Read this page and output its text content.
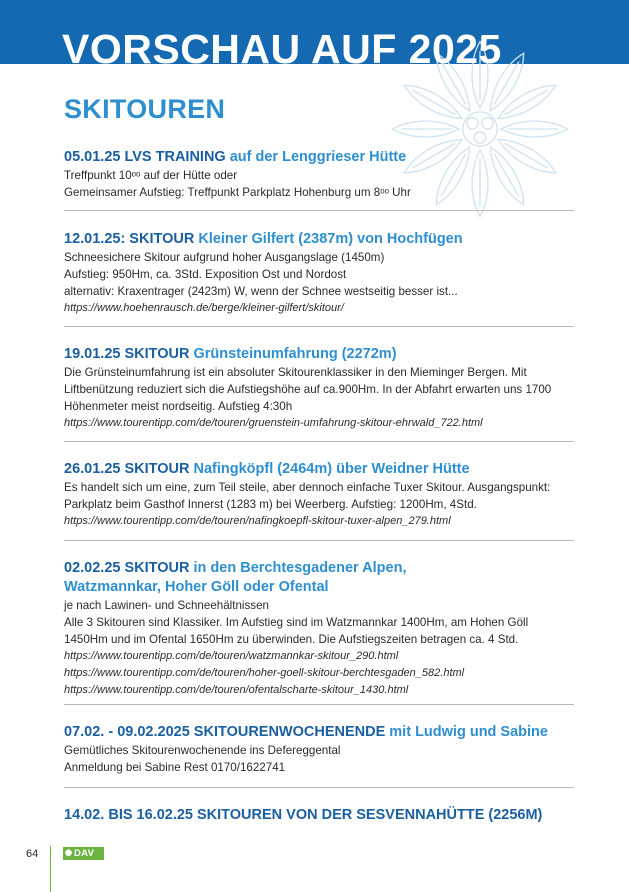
VORSCHAU AUF 2025
SKITOUREN
05.01.25 LVS TRAINING auf der Lenggrieser Hütte
Treffpunkt 10ᵒᵒ auf der Hütte oder
Gemeinsamer Aufstieg: Treffpunkt Parkplatz Hohenburg um 8ᵒᵒ Uhr
12.01.25: SKITOUR Kleiner Gilfert (2387m) von Hochfügen
Schneesichere Skitour aufgrund hoher Ausgangslage (1450m)
Aufstieg: 950Hm, ca. 3Std. Exposition Ost und Nordost
alternativ: Kraxentrager (2423m) W, wenn der Schnee westseitig besser ist...
https://www.hoehenrausch.de/berge/kleiner-gilfert/skitour/
19.01.25 SKITOUR Grünsteinumfahrung (2272m)
Die Grünsteinumfahrung ist ein absoluter Skitourenklassiker in den Mieminger Bergen. Mit
Liftbenützung reduziert sich die Aufstiegshöhe auf ca.900Hm. In der Abfahrt erwarten uns 1700
Höhenmeter meist nordseitig. Aufstieg 4:30h
https://www.tourentipp.com/de/touren/gruenstein-umfahrung-skitour-ehrwald_722.html
26.01.25 SKITOUR Nafingköpfl (2464m) über Weidner Hütte
Es handelt sich um eine, zum Teil steile, aber dennoch einfache Tuxer Skitour. Ausgangspunkt:
Parkplatz beim Gasthof Innerst (1283 m) bei Weerberg. Aufstieg: 1200Hm, 4Std.
https://www.tourentipp.com/de/touren/nafingkoepfl-skitour-tuxer-alpen_279.html
02.02.25 SKITOUR in den Berchtesgadener Alpen,
Watzmannkar, Hoher Göll oder Ofental
je nach Lawinen- und Schneehältnissen
Alle 3 Skitouren sind Klassiker. Im Aufstieg sind im Watzmannkar 1400Hm, am Hohen Göll
1450Hm und im Ofental 1650Hm zu überwinden. Die Aufstiegszeiten betragen ca. 4 Std.
https://www.tourentipp.com/de/touren/watzmannkar-skitour_290.html
https://www.tourentipp.com/de/touren/hoher-goell-skitour-berchtesgaden_582.html
https://www.tourentipp.com/de/touren/ofentalscharte-skitour_1430.html
07.02. - 09.02.2025 SKITOURENWOCHENENDE mit Ludwig und Sabine
Gemütliches Skitourenwochenende ins Defereggental
Anmeldung bei Sabine Rest 0170/1622741
14.02. BIS 16.02.25 SKITOUREN VON DER SESVENNAHÜTTE (2256M)
64	✺ DAV
